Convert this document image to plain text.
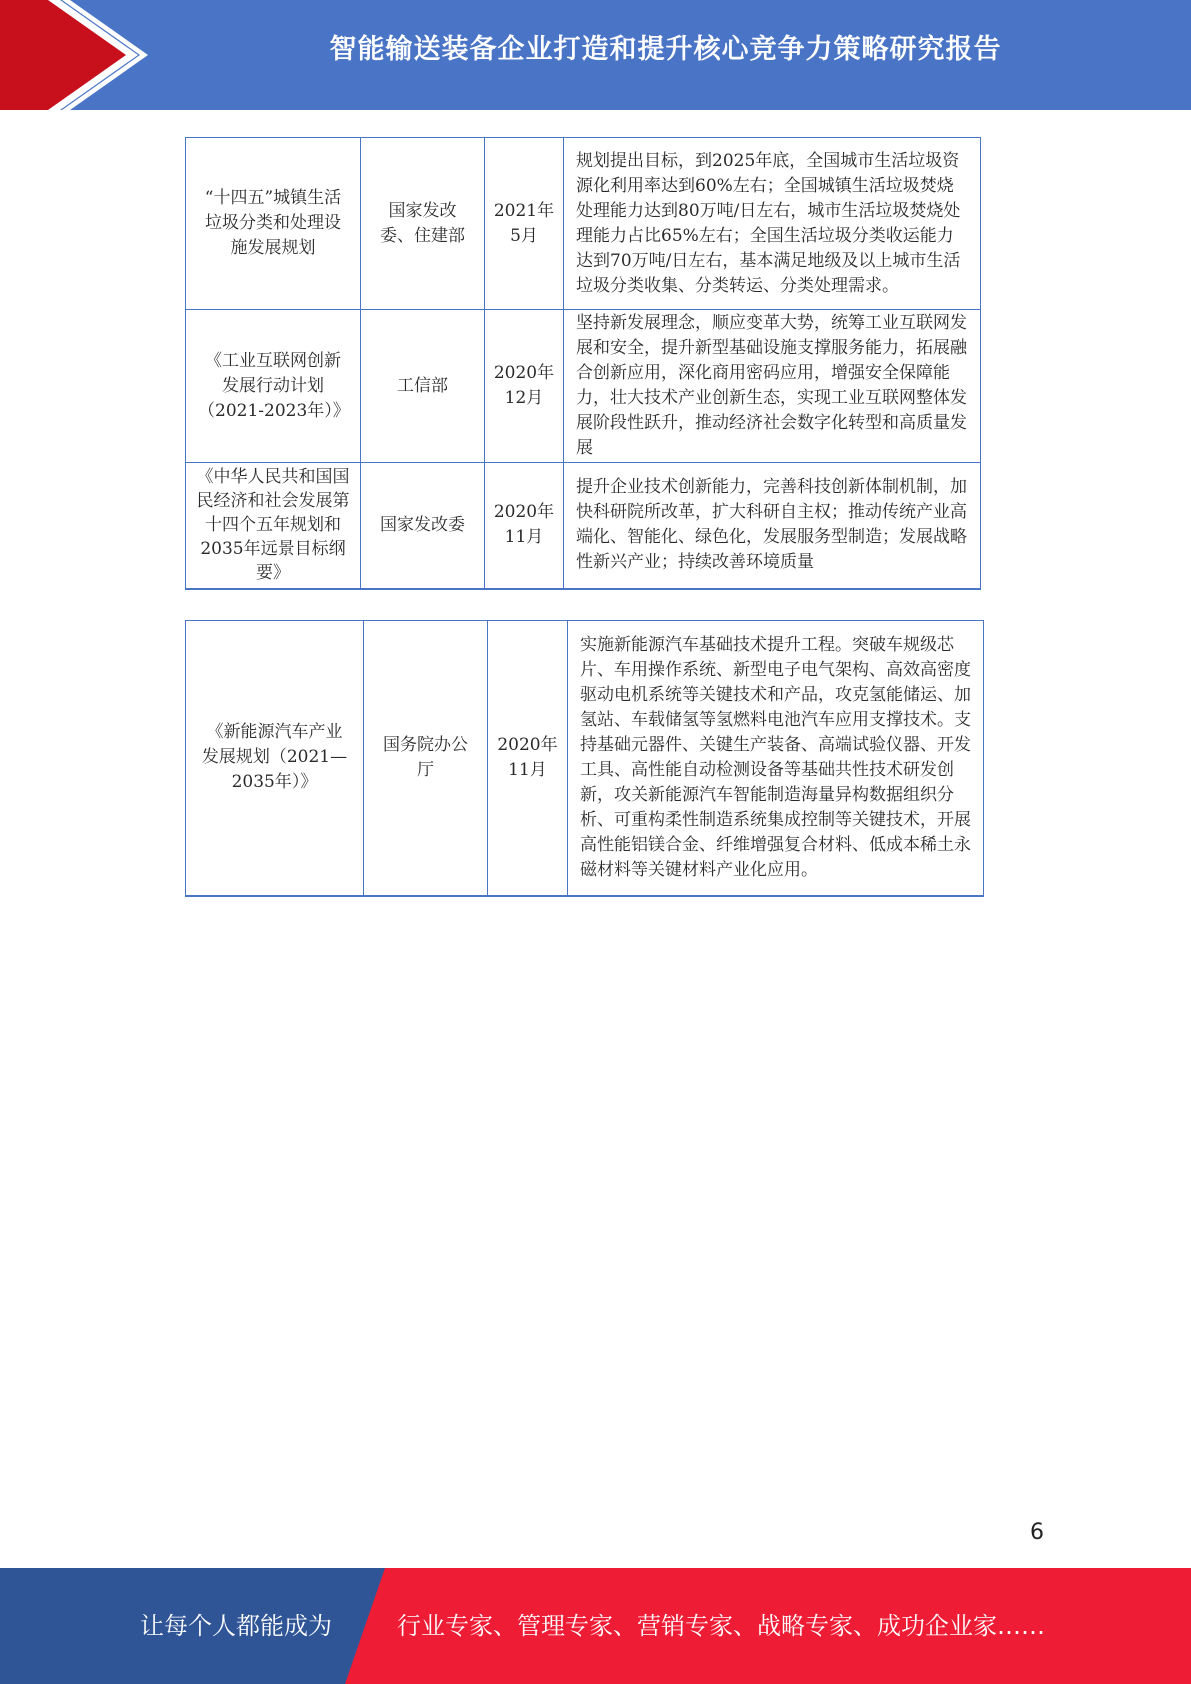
智能输送装备企业打造和提升核心竞争力策略研究报告
“十四五”城镇生活垃圾分类和处理设施发展规划	国家发改委、住建部	2021年5月	规划提出目标，到2025年底，全国城市生活垃圾资源化利用率达到60%左右；全国城镇生活垃圾焚烧处理能力达到80万吨/日左右，城市生活垃圾焚烧处理能力占比65%左右；全国生活垃圾分类收运能力达到70万吨/日左右，基本满足地级及以上城市生活垃圾分类收集、分类转运、分类处理需求。
《工业互联网创新发展行动计划（2021-2023年）》	工信部	2020年12月	坚持新发展理念，顺应变革大势，统筹工业互联网发展和安全，提升新型基础设施支撑服务能力，拓展融合创新应用，深化商用密码应用，增强安全保障能力，壮大技术产业创新生态，实现工业互联网整体发展阶段性跃升，推动经济社会数字化转型和高质量发展
《中华人民共和国国民经济和社会发展第十四个五年规划和2035年远景目标纲要》	国家发改委	2020年11月	提升企业技术创新能力，完善科技创新体制机制，加快科研院所改革，扩大科研自主权；推动传统产业高端化、智能化、绿色化，发展服务型制造；发展战略性新兴产业；持续改善环境质量
《新能源汽车产业发展规划（2021—2035年）》	国务院办公厅	2020年11月	实施新能源汽车基础技术提升工程。突破车规级芯片、车用操作系统、新型电子电气架构、高效高密度驱动电机系统等关键技术和产品，攻克氢能储运、加氢站、车载储氢等氢燃料电池汽车应用支撑技术。支持基础元器件、关键生产装备、高端试验仪器、开发工具、高性能自动检测设备等基础共性技术研发创新，攻关新能源汽车智能制造海量异构数据组织分析、可重构柔性制造系统集成控制等关键技术，开展高性能铝镁合金、纤维增强复合材料、低成本稀土永磁材料等关键材料产业化应用。
6
让每个人都能成为	行业专家、管理专家、营销专家、战略专家、成功企业家……
